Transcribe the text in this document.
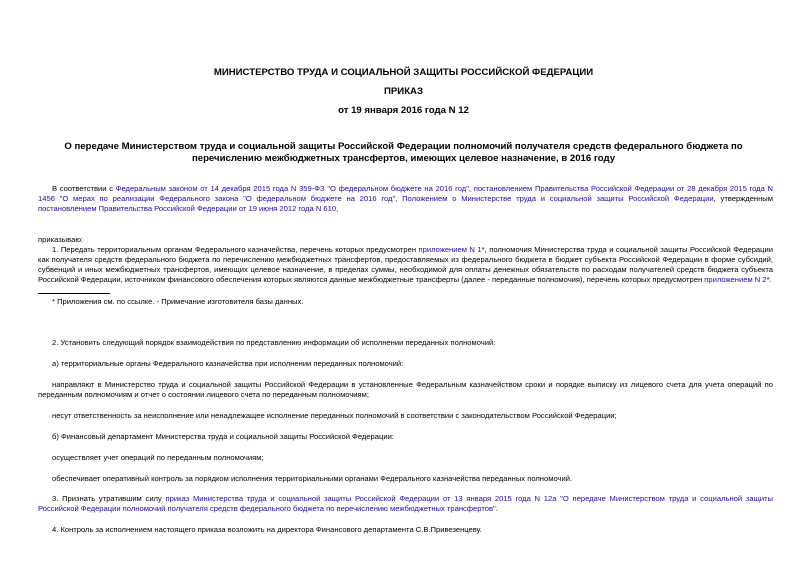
МИНИСТЕРСТВО ТРУДА И СОЦИАЛЬНОЙ ЗАЩИТЫ РОССИЙСКОЙ ФЕДЕРАЦИИ
ПРИКАЗ
от 19 января 2016 года N 12
О передаче Министерством труда и социальной защиты Российской Федерации полномочий получателя средств федерального бюджета по перечислению межбюджетных трансфертов, имеющих целевое назначение, в 2016 году
В соответствии с Федеральным законом от 14 декабря 2015 года N 359-ФЗ "О федеральном бюджете на 2016 год", постановлением Правительства Российской Федерации от 28 декабря 2015 года N 1456 "О мерах по реализации Федерального закона "О федеральном бюджете на 2016 год", Положением о Министерстве труда и социальной защиты Российской Федерации, утвержденным постановлением Правительства Российской Федерации от 19 июня 2012 года N 610,
приказываю:
1. Передать территориальным органам Федерального казначейства, перечень которых предусмотрен приложением N 1*, полномочия Министерства труда и социальной защиты Российской Федерации как получателя средств федерального бюджета по перечислению межбюджетных трансфертов, предоставляемых из федерального бюджета в бюджет субъекта Российской Федерации в форме субсидий, субвенций и иных межбюджетных трансфертов, имеющих целевое назначение, в пределах суммы, необходимой для оплаты денежных обязательств по расходам получателей средств бюджета субъекта Российской Федерации, источником финансового обеспечения которых являются данные межбюджетные трансферты (далее - переданные полномочия), перечень которых предусмотрен приложением N 2*.
* Приложения см. по ссылке. - Примечание изготовителя базы данных.
2. Установить следующий порядок взаимодействия по представлению информации об исполнении переданных полномочий:
а) территориальные органы Федерального казначейства при исполнении переданных полномочий:
направляют в Министерство труда и социальной защиты Российской Федерации в установленные Федеральным казначейством сроки и порядке выписку из лицевого счета для учета операций по переданным полномочиям и отчет о состоянии лицевого счета по переданным полномочиям;
несут ответственность за неисполнение или ненадлежащее исполнение переданных полномочий в соответствии с законодательством Российской Федерации;
б) Финансовый департамент Министерства труда и социальной защиты Российской Федерации:
осуществляет учет операций по переданным полномочиям;
обеспечивает оперативный контроль за порядком исполнения территориальными органами Федерального казначейства переданных полномочий.
3. Признать утратившим силу приказ Министерства труда и социальной защиты Российской Федерации от 13 января 2015 года N 12а "О передаче Министерством труда и социальной защиты Российской Федерации полномочий получателя средств федерального бюджета по перечислению межбюджетных трансфертов".
4. Контроль за исполнением настоящего приказа возложить на директора Финансового департамента С.В.Привезенцеву.
